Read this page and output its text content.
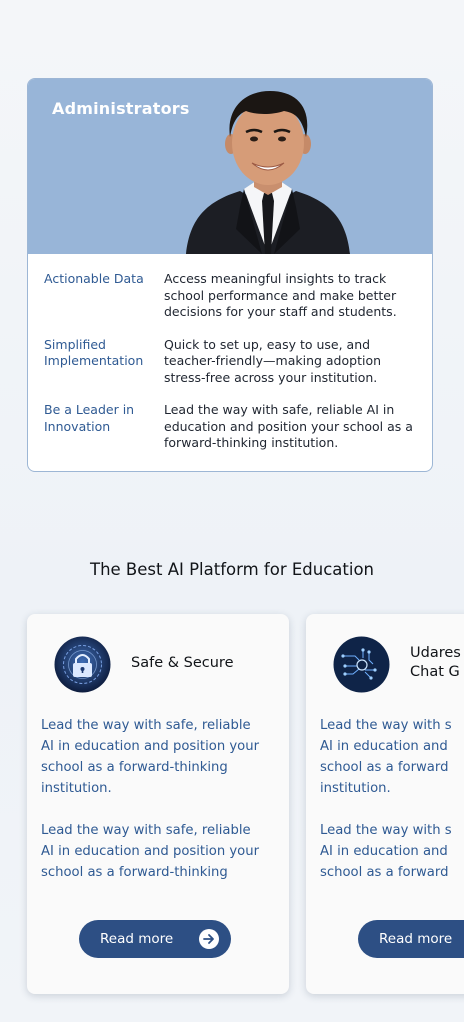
Administrators
Actionable Data	Access meaningful insights to track
school performance and make better
decisions for your staff and students.
Simplified
Implementation
Quick to set up, easy to use, and
teacher-friendly—making adoption
stress-free across your institution.
Be a Leader in
Innovation
Lead the way with safe, reliable AI in
education and position your school as a
forward-thinking institution.
The Best AI Platform for Education
Safe & Secure
Lead the way with safe, reliable
AI in education and position your
school as a forward-thinking
institution.
Lead the way with safe, reliable
AI in education and position your
school as a forward-thinking
Read more
Udares
Chat G
Lead the way with s
AI in education and
school as a forward
institution.
Lead the way with s
AI in education and
school as a forward
Read more
